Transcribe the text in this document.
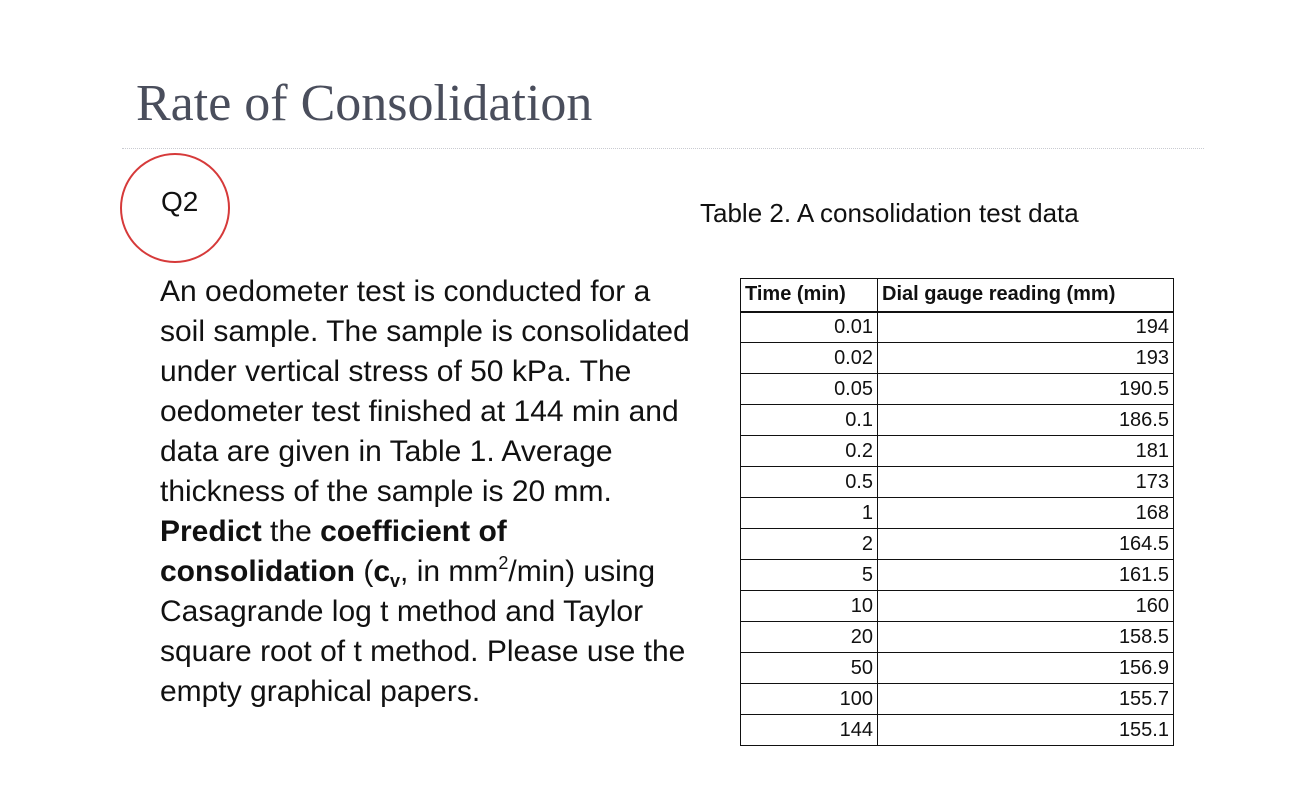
Rate of Consolidation
Q2	Table 2. A consolidation test data
An oedometer test is conducted for a
soil sample. The sample is consolidated
under vertical stress of 50 kPa. The
oedometer test finished at 144 min and
data are given in Table 1. Average
thickness of the sample is 20 mm.
Predict the coefficient of
consolidation ($c_v$, in $mm^2/\min$) using
Casagrande log t method and Taylor
square root of t method. Please use the
empty graphical papers.
Time (min)	Dial gauge reading (mm)
0.01	194
0.02	193
0.05	190.5
0.1	186.5
0.2	181
0.5	173
1	168
2	164.5
5	161.5
10	160
20	158.5
50	156.9
100	155.7
144	155.1
